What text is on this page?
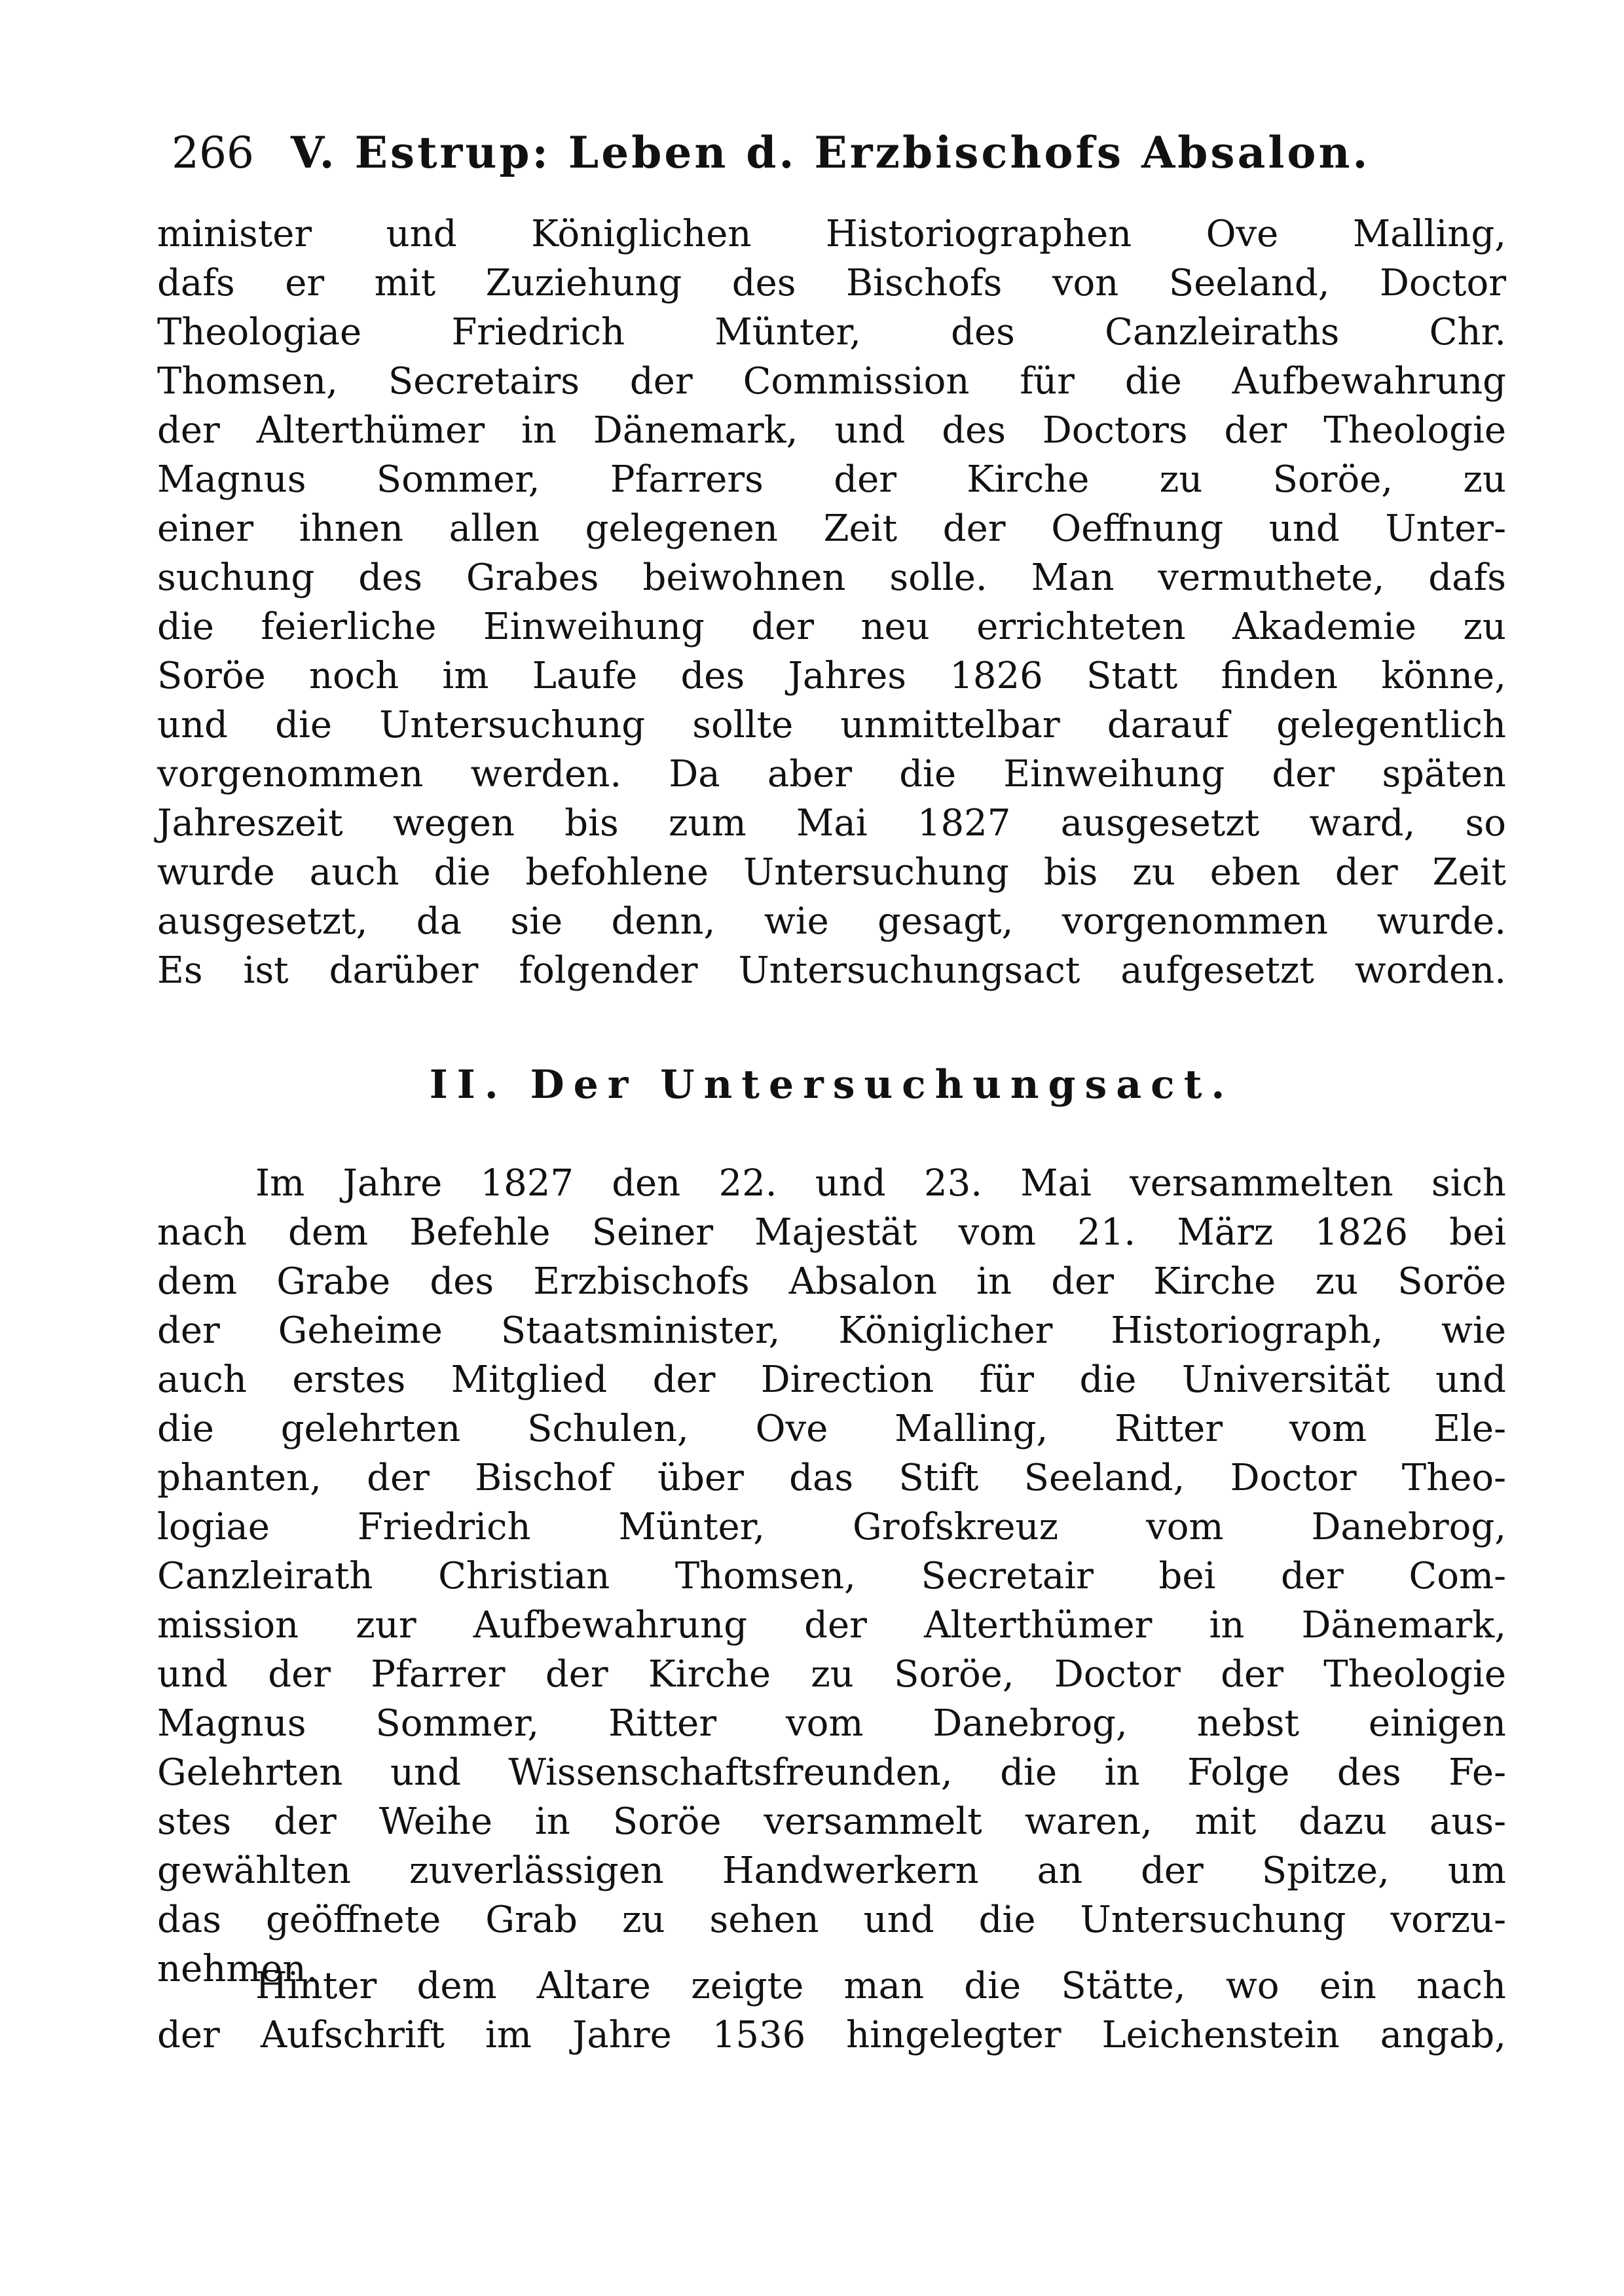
266 V. Estrup: Leben d. Erzbischofs Absalon.
minister und Königlichen Historiographen Ove Malling,
dafs er mit Zuziehung des Bischofs von Seeland, Doctor
Theologiae Friedrich Münter, des Canzleiraths Chr.
Thomsen, Secretairs der Commission für die Aufbewahrung
der Alterthümer in Dänemark, und des Doctors der Theologie
Magnus Sommer, Pfarrers der Kirche zu Soröe, zu
einer ihnen allen gelegenen Zeit der Oeffnung und Unter-
suchung des Grabes beiwohnen solle. Man vermuthete, dafs
die feierliche Einweihung der neu errichteten Akademie zu
Soröe noch im Laufe des Jahres 1826 Statt finden könne,
und die Untersuchung sollte unmittelbar darauf gelegentlich
vorgenommen werden. Da aber die Einweihung der späten
Jahreszeit wegen bis zum Mai 1827 ausgesetzt ward, so
wurde auch die befohlene Untersuchung bis zu eben der Zeit
ausgesetzt, da sie denn, wie gesagt, vorgenommen wurde.
Es ist darüber folgender Untersuchungsact aufgesetzt worden.
II. Der Untersuchungsact.
Im Jahre 1827 den 22. und 23. Mai versammelten sich
nach dem Befehle Seiner Majestät vom 21. März 1826 bei
dem Grabe des Erzbischofs Absalon in der Kirche zu Soröe
der Geheime Staatsminister, Königlicher Historiograph, wie
auch erstes Mitglied der Direction für die Universität und
die gelehrten Schulen, Ove Malling, Ritter vom Ele-
phanten, der Bischof über das Stift Seeland, Doctor Theo-
logiae Friedrich Münter, Grofskreuz vom Danebrog,
Canzleirath Christian Thomsen, Secretair bei der Com-
mission zur Aufbewahrung der Alterthümer in Dänemark,
und der Pfarrer der Kirche zu Soröe, Doctor der Theologie
Magnus Sommer, Ritter vom Danebrog, nebst einigen
Gelehrten und Wissenschaftsfreunden, die in Folge des Fe-
stes der Weihe in Soröe versammelt waren, mit dazu aus-
gewählten zuverlässigen Handwerkern an der Spitze, um
das geöffnete Grab zu sehen und die Untersuchung vorzu-
nehmen.
Hinter dem Altare zeigte man die Stätte, wo ein nach
der Aufschrift im Jahre 1536 hingelegter Leichenstein angab,
